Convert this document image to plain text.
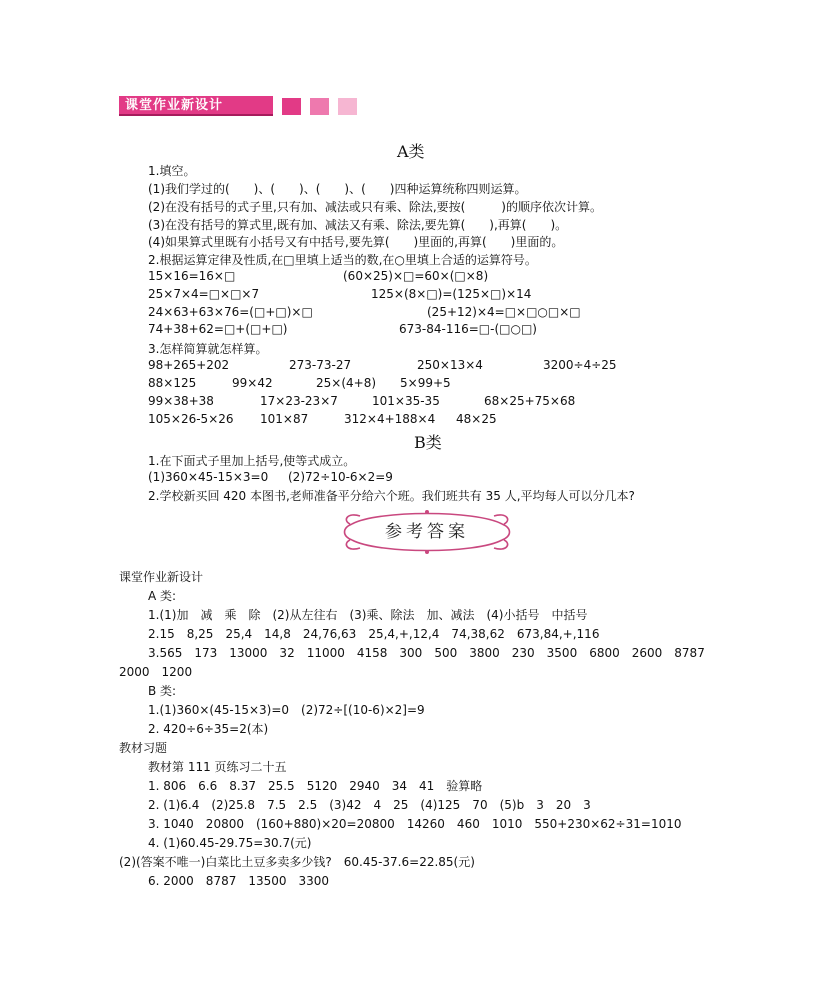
课堂作业新设计
A类
1.填空。
(1)我们学过的(　　)、(　　)、(　　)、(　　)四种运算统称四则运算。
(2)在没有括号的式子里,只有加、减法或只有乘、除法,要按(　　　)的顺序依次计算。
(3)在没有括号的算式里,既有加、减法又有乘、除法,要先算(　　),再算(　　)。
(4)如果算式里既有小括号又有中括号,要先算(　　)里面的,再算(　　)里面的。
2.根据运算定律及性质,在□里填上适当的数,在○里填上合适的运算符号。
15×16=16×□	(60×25)×□=60×(□×8)
25×7×4=□×□×7	125×(8×□)=(125×□)×14
24×63+63×76=(□+□)×□	(25+12)×4=□×□○□×□
74+38+62=□+(□+□)	673-84-116=□-(□○□)
3.怎样简算就怎样算。
98+265+202	273-73-27	250×13×4	3200÷4÷25
88×125	99×42	25×(4+8) 5×99+5
99×38+38	17×23-23×7	101×35-35	68×25+75×68
105×26-5×26 101×87	312×4+188×4 48×25
B类
1.在下面式子里加上括号,使等式成立。
(1)360×45-15×3=0 (2)72÷10-6×2=9
2.学校新买回 420 本图书,老师准备平分给六个班。我们班共有 35 人,平均每人可以分几本?
参考答案
课堂作业新设计
A 类:
1.(1)加　减　乘　除　(2)从左往右　(3)乘、除法　加、减法　(4)小括号　中括号
2.15　8,25　25,4　14,8　24,76,63　25,4,+,12,4　74,38,62　673,84,+,116
3.565　173　13000　32　11000　4158　300　500　3800　230　3500　6800　2600　8787
2000　1200
B 类:
1.(1)360×(45-15×3)=0　(2)72÷[(10-6)×2]=9
2. 420÷6÷35=2(本)
教材习题
教材第 111 页练习二十五
1. 806　6.6　8.37　25.5　5120　2940　34　41　验算略
2. (1)6.4　(2)25.8　7.5　2.5　(3)42　4　25　(4)125　70　(5)b　3　20　3
3. 1040　20800　(160+880)×20=20800　14260　460　1010　550+230×62÷31=1010
4. (1)60.45-29.75=30.7(元)
(2)(答案不唯一)白菜比土豆多卖多少钱?　60.45-37.6=22.85(元)
6. 2000　8787　13500　3300
